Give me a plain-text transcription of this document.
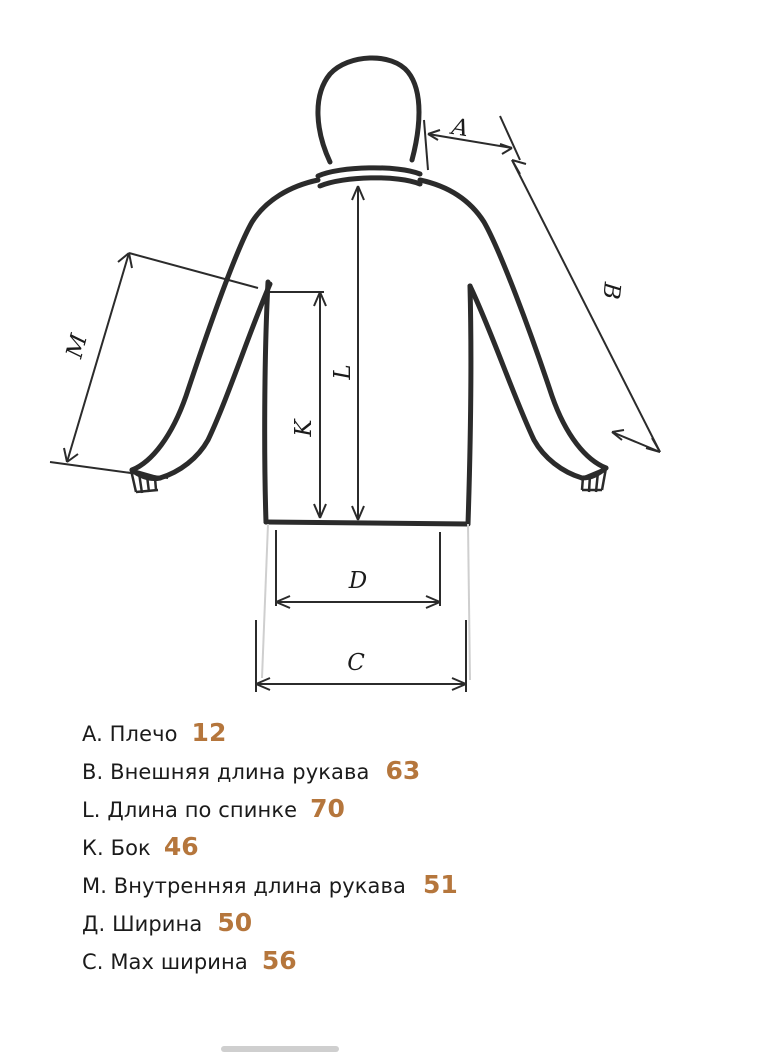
A
B
L
K
M
D
C
A. Плечо 12
B. Внешняя длина рукава 63
L. Длина по спинке 70
К. Бок 46
М. Внутренняя длина рукава 51
Д. Ширина 50
С. Мах ширина 56
